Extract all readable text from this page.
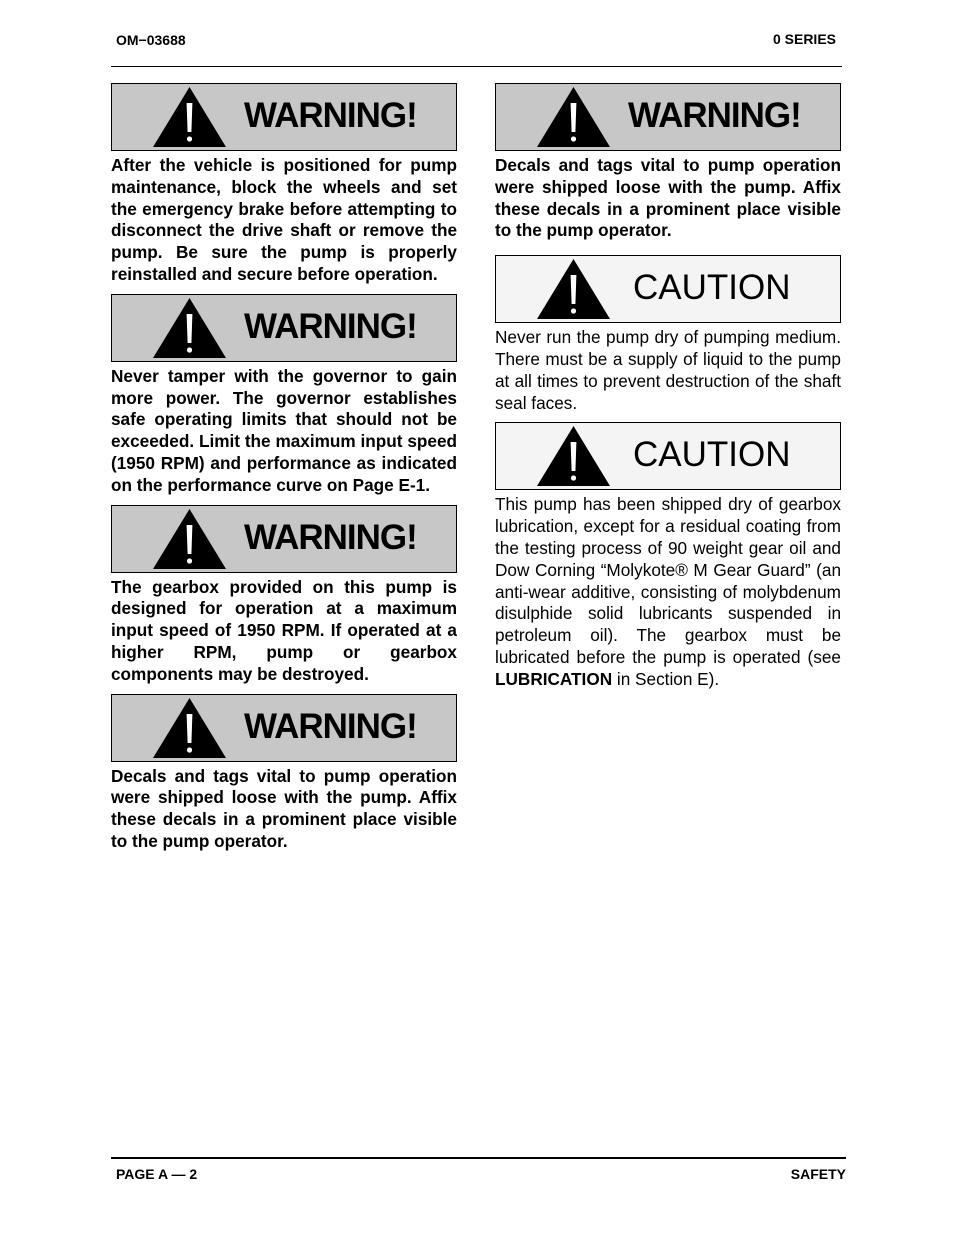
OM−03688	0 SERIES
WARNING!

After the vehicle is positioned for pump maintenance, block the wheels and set the emergency brake before attempting to disconnect the drive shaft or remove the pump. Be sure the pump is properly reinstalled and secure before operation.

WARNING!

Never tamper with the governor to gain more power. The governor establishes safe operating limits that should not be exceeded. Limit the maximum input speed (1950 RPM) and performance as indicated on the performance curve on Page E-1.

WARNING!

The gearbox provided on this pump is designed for operation at a maximum input speed of 1950 RPM. If operated at a higher RPM, pump or gearbox components may be destroyed.

WARNING!

Decals and tags vital to pump operation were shipped loose with the pump. Affix these decals in a prominent place visible to the pump operator.

WARNING!

Decals and tags vital to pump operation were shipped loose with the pump. Affix these decals in a prominent place visible to the pump operator.

CAUTION

Never run the pump dry of pumping medium. There must be a supply of liquid to the pump at all times to prevent destruction of the shaft seal faces.

CAUTION

This pump has been shipped dry of gearbox lubrication, except for a residual coating from the testing process of 90 weight gear oil and Dow Corning “Molykote® M Gear Guard” (an anti-wear additive, consisting of molybdenum disulphide solid lubricants suspended in petroleum oil). The gearbox must be lubricated before the pump is operated (see LUBRICATION in Section E).

PAGE A — 2	SAFETY
